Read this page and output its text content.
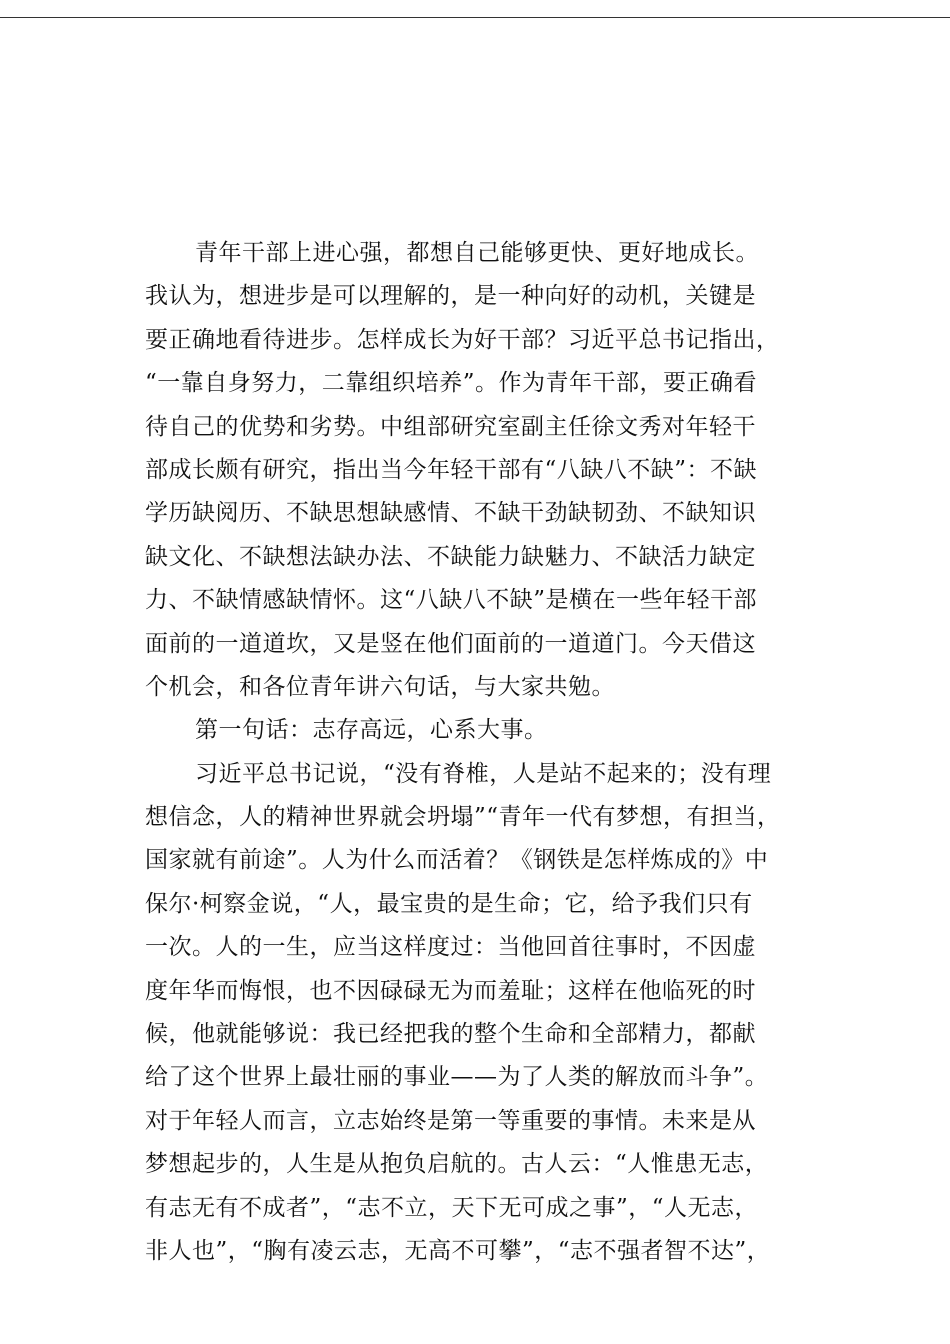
青年干部上进心强，都想自己能够更快、更好地成长。
我认为，想进步是可以理解的，是一种向好的动机，关键是
要正确地看待进步。怎样成长为好干部？习近平总书记指出，
“一靠自身努力，二靠组织培养”。作为青年干部，要正确看
待自己的优势和劣势。中组部研究室副主任徐文秀对年轻干
部成长颇有研究，指出当今年轻干部有“八缺八不缺”：不缺
学历缺阅历、不缺思想缺感情、不缺干劲缺韧劲、不缺知识
缺文化、不缺想法缺办法、不缺能力缺魅力、不缺活力缺定
力、不缺情感缺情怀。这“八缺八不缺”是横在一些年轻干部
面前的一道道坎，又是竖在他们面前的一道道门。今天借这
个机会，和各位青年讲六句话，与大家共勉。
第一句话：志存高远，心系大事。
习近平总书记说，“没有脊椎，人是站不起来的；没有理
想信念，人的精神世界就会坍塌”“青年一代有梦想，有担当，
国家就有前途”。人为什么而活着？《钢铁是怎样炼成的》中
保尔·柯察金说，“人，最宝贵的是生命；它，给予我们只有
一次。人的一生，应当这样度过：当他回首往事时，不因虚
度年华而悔恨，也不因碌碌无为而羞耻；这样在他临死的时
候，他就能够说：我已经把我的整个生命和全部精力，都献
给了这个世界上最壮丽的事业——为了人类的解放而斗争”。
对于年轻人而言，立志始终是第一等重要的事情。未来是从
梦想起步的，人生是从抱负启航的。古人云：“人惟患无志，
有志无有不成者”，“志不立，天下无可成之事”，“人无志，
非人也”，“胸有凌云志，无高不可攀”，“志不强者智不达”，
